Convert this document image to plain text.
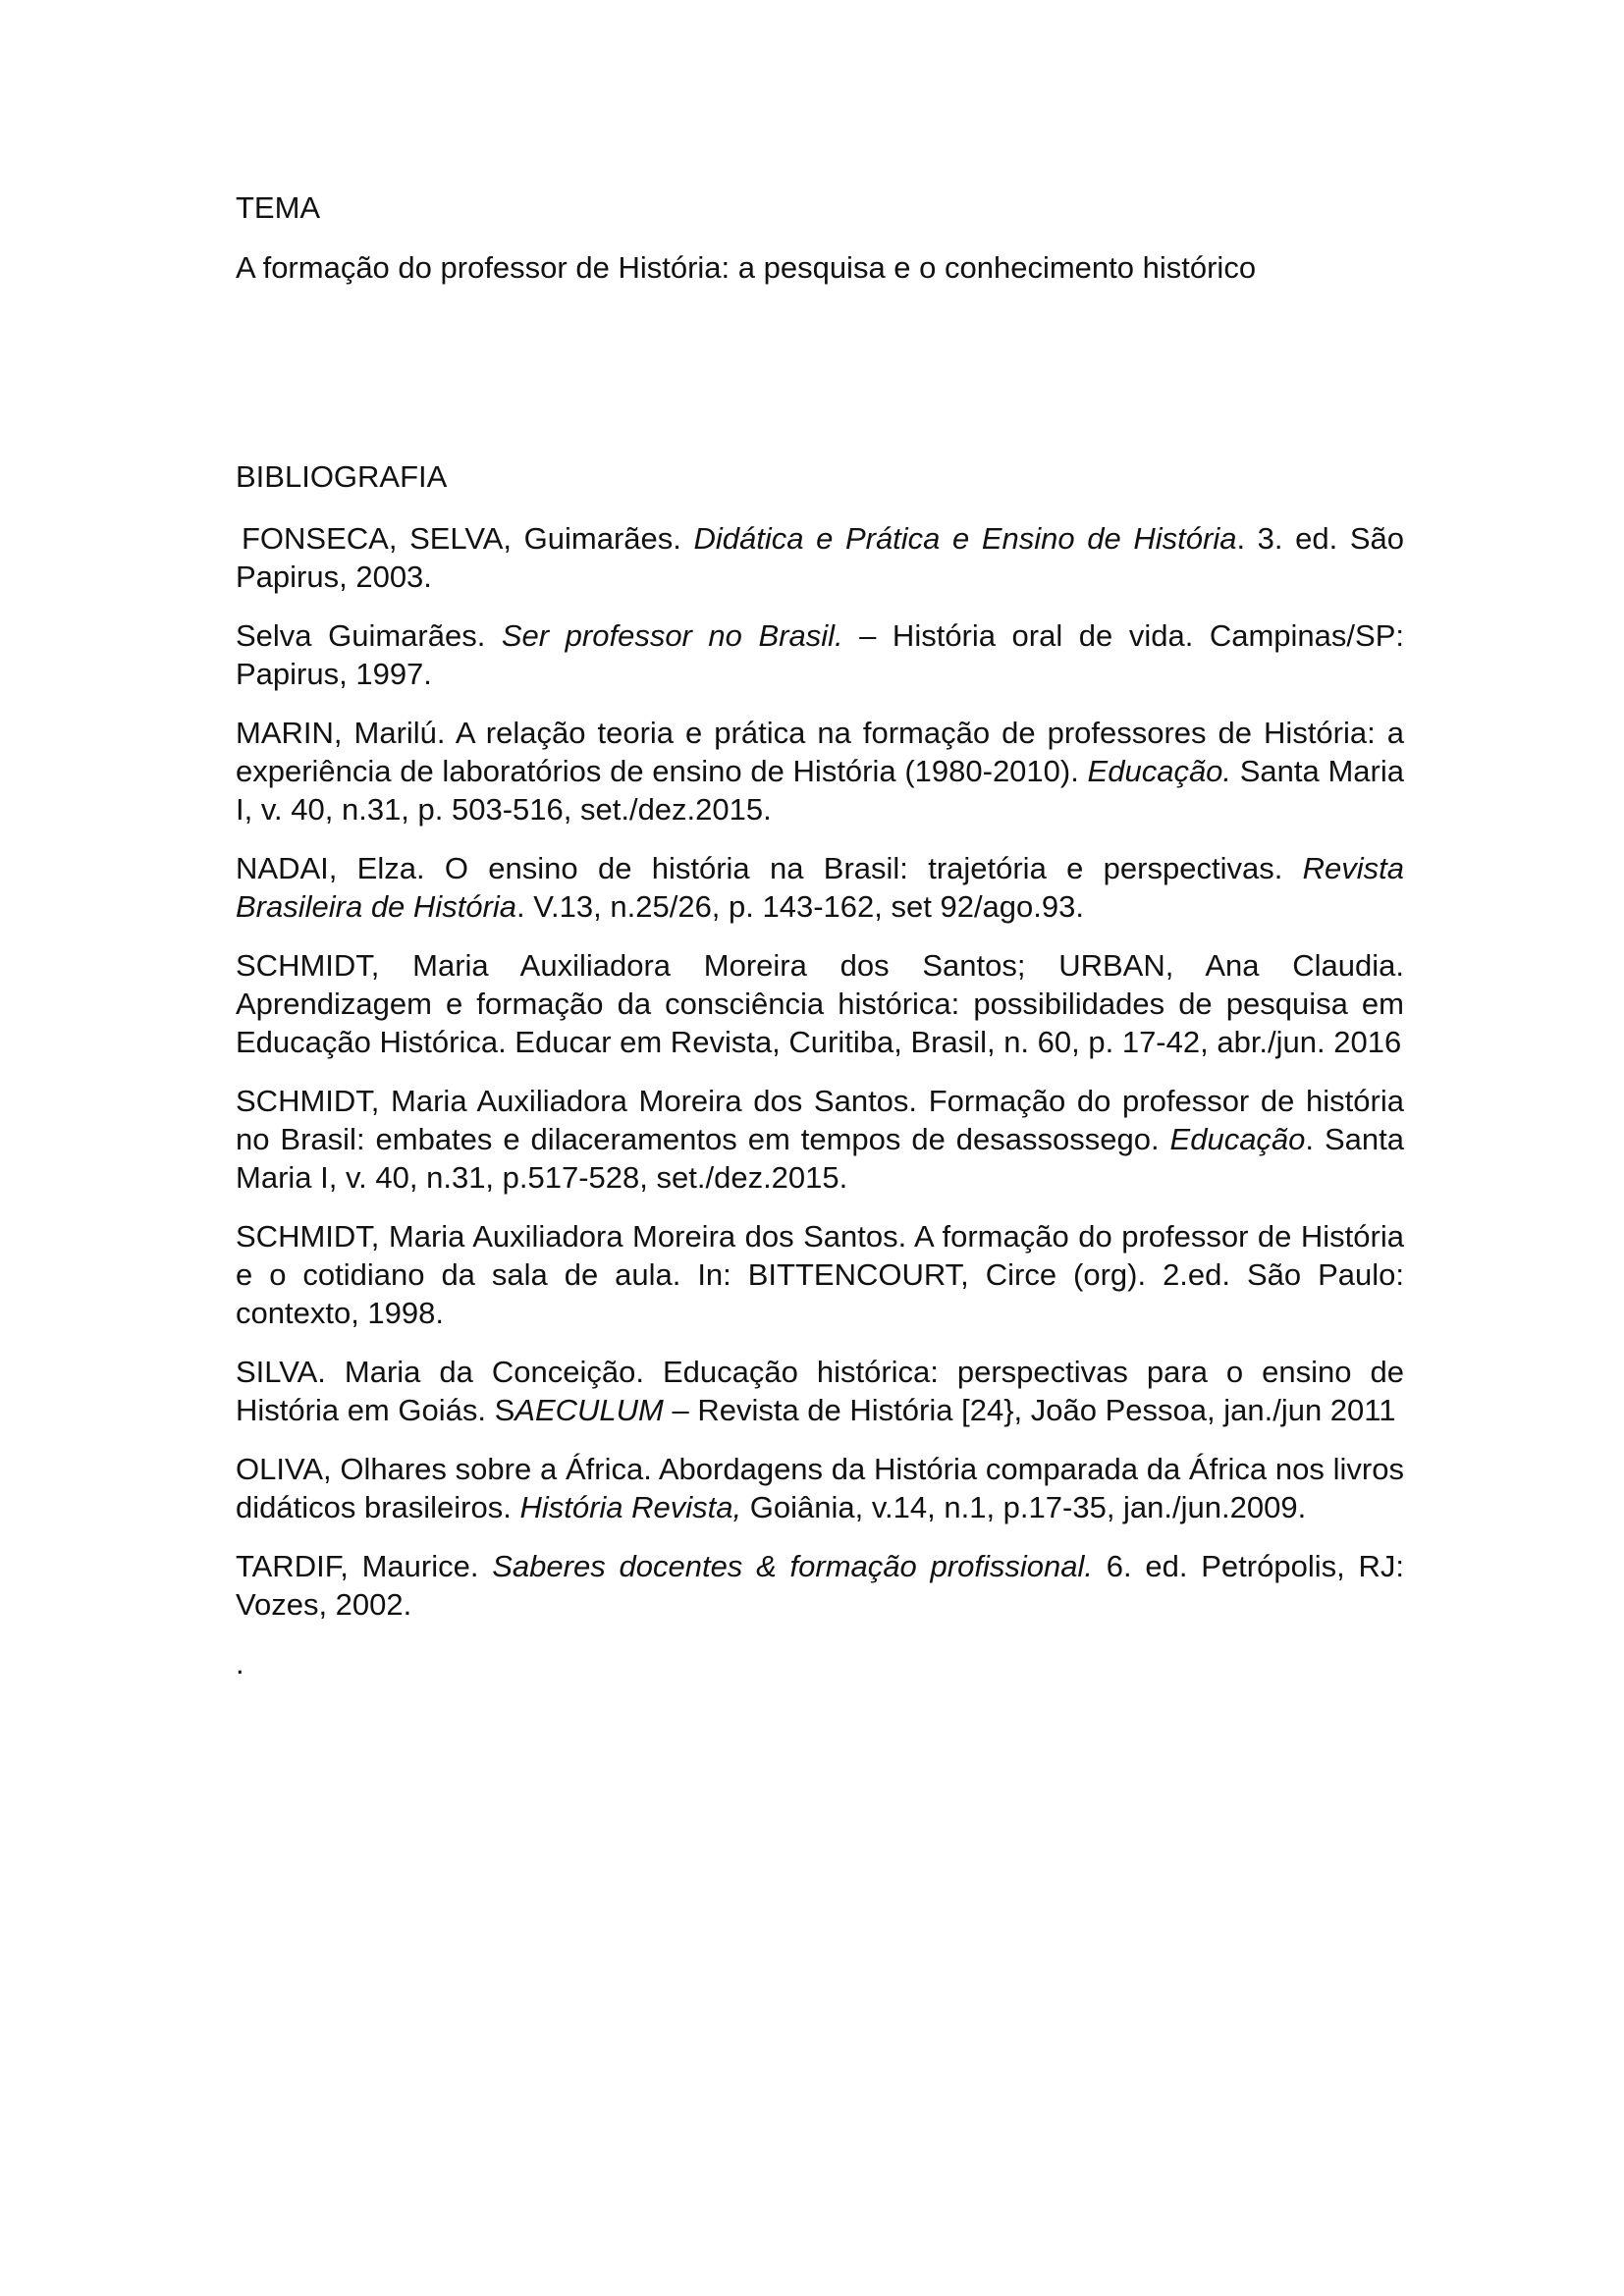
TEMA

A formação do professor de História: a pesquisa e o conhecimento histórico

BIBLIOGRAFIA

FONSECA, SELVA, Guimarães. Didática e Prática e Ensino de História. 3. ed. São Papirus, 2003.

Selva Guimarães. Ser professor no Brasil. – História oral de vida. Campinas/SP: Papirus, 1997.

MARIN, Marilú. A relação teoria e prática na formação de professores de História: a experiência de laboratórios de ensino de História (1980-2010). Educação. Santa Maria I, v. 40, n.31, p. 503-516, set./dez.2015.

NADAI, Elza. O ensino de história na Brasil: trajetória e perspectivas. Revista Brasileira de História. V.13, n.25/26, p. 143-162, set 92/ago.93.

SCHMIDT, Maria Auxiliadora Moreira dos Santos; URBAN, Ana Claudia. Aprendizagem e formação da consciência histórica: possibilidades de pesquisa em Educação Histórica. Educar em Revista, Curitiba, Brasil, n. 60, p. 17-42, abr./jun. 2016

SCHMIDT, Maria Auxiliadora Moreira dos Santos. Formação do professor de história no Brasil: embates e dilaceramentos em tempos de desassossego. Educação. Santa Maria I, v. 40, n.31, p.517-528, set./dez.2015.

SCHMIDT, Maria Auxiliadora Moreira dos Santos. A formação do professor de História e o cotidiano da sala de aula. In: BITTENCOURT, Circe (org). 2.ed. São Paulo: contexto, 1998.

SILVA. Maria da Conceição. Educação histórica: perspectivas para o ensino de História em Goiás. SAECULUM – Revista de História [24}, João Pessoa, jan./jun 2011

OLIVA, Olhares sobre a África. Abordagens da História comparada da África nos livros didáticos brasileiros. História Revista, Goiânia, v.14, n.1, p.17-35, jan./jun.2009.

TARDIF, Maurice. Saberes docentes & formação profissional. 6. ed. Petrópolis, RJ: Vozes, 2002.

.
